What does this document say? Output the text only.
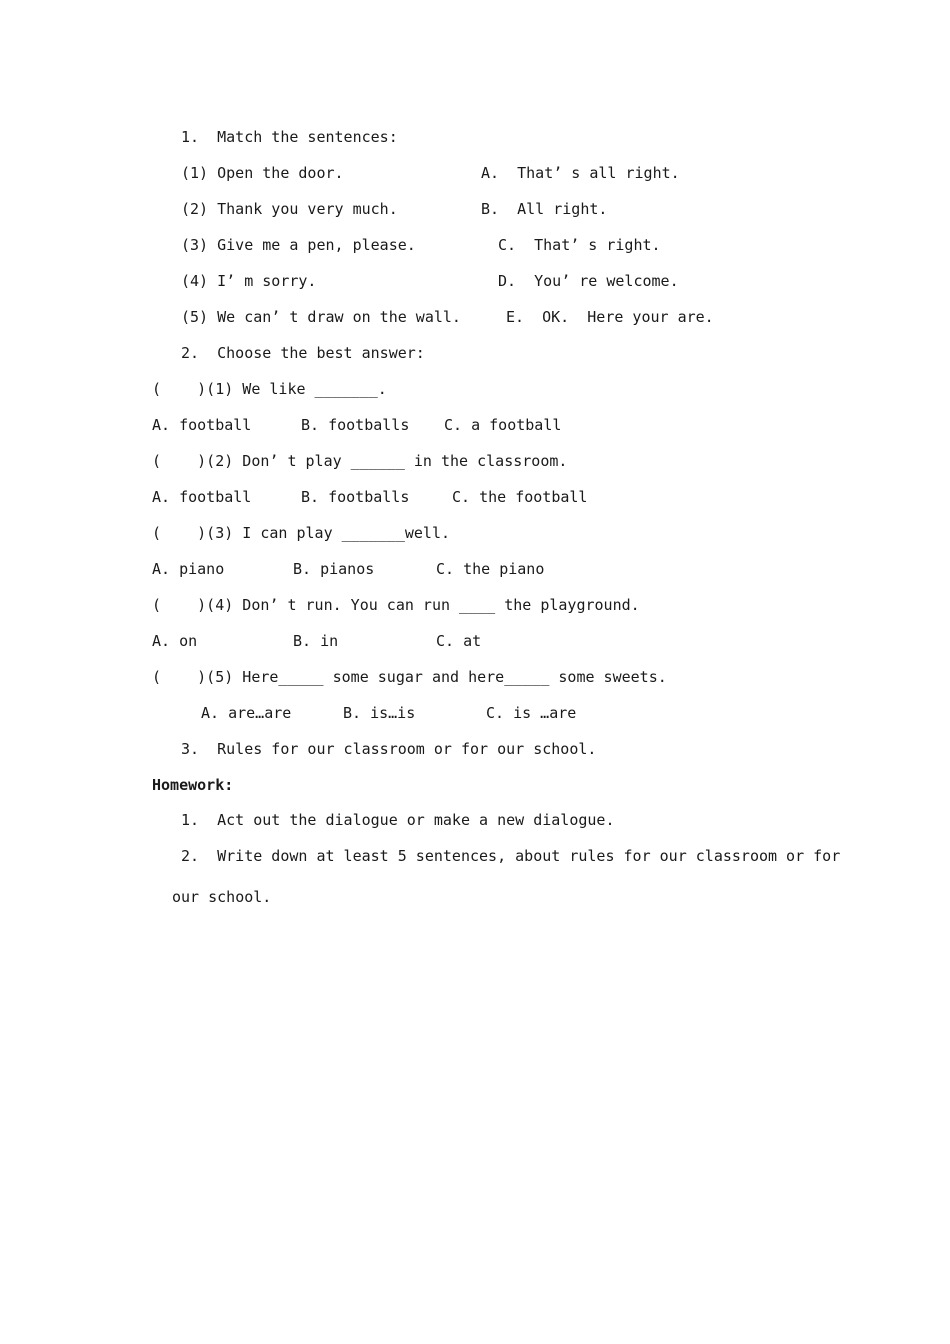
1.  Match the sentences:
(1) Open the door.	A.  That’ s all right.
(2) Thank you very much.	B.  All right.
(3) Give me a pen, please.	C.  That’ s right.
(4) I’ m sorry.	D.  You’ re welcome.
(5) We can’ t draw on the wall.	E.  OK.  Here your are.
2.  Choose the best answer:
(    )(1) We like _______.
A. football	B. footballs C. a football
(    )(2) Don’ t play ______ in the classroom.
A. football	B. footballs	C. the football
(    )(3) I can play _______well.
A. piano	B. pianos	C. the piano
(    )(4) Don’ t run. You can run ____ the playground.
A. on	B. in	C. at
(    )(5) Here_____ some sugar and here_____ some sweets.
A. are…are	B. is…is	C. is …are
3.  Rules for our classroom or for our school.
Homework:
1.  Act out the dialogue or make a new dialogue.
2.  Write down at least 5 sentences, about rules for our classroom or for
our school.
